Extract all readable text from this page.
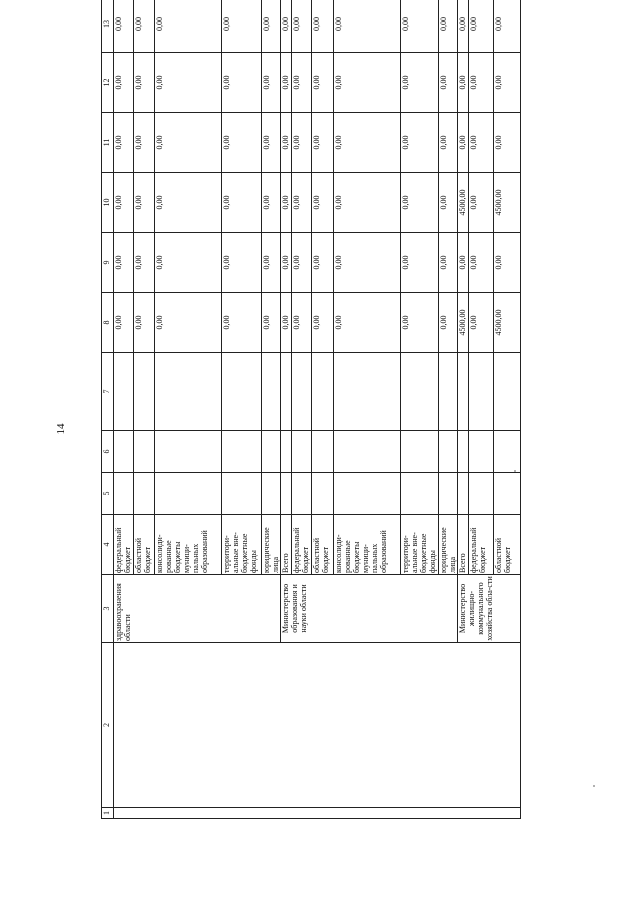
14
1	2	3	4	5	6	7	8	9	10	11	12	13
		здравоохранения области	федеральный бюджет				0,00	0,00	0,00	0,00	0,00	0,00
			областной бюджет				0,00	0,00	0,00	0,00	0,00	0,00
			консолиди-рованные бюджеты муници-пальных образований				0,00	0,00	0,00	0,00	0,00	0,00
			территори-альные вне-бюджетные фонды				0,00	0,00	0,00	0,00	0,00	0,00
			юридические лица				0,00	0,00	0,00	0,00	0,00	0,00
		Министерство образования и науки области	Всего				0,00	0,00	0,00	0,00	0,00	0,00
			федеральный бюджет				0,00	0,00	0,00	0,00	0,00	0,00
			областной бюджет				0,00	0,00	0,00	0,00	0,00	0,00
			консолиди-рованные бюджеты муници-пальных образований				0,00	0,00	0,00	0,00	0,00	0,00
			территори-альные вне-бюджетные фонды				0,00	0,00	0,00	0,00	0,00	0,00
			юридические лица				0,00	0,00	0,00	0,00	0,00	0,00
		Министерство жилищно-коммунального хозяйства обла-сти	Всего				4500,00	0,00	4500,00	0,00	0,00	0,00
			федеральный бюджет				0,00	0,00	0,00	0,00	0,00	0,00
			областной бюджет				4500,00	0,00	4500,00	0,00	0,00	0,00
